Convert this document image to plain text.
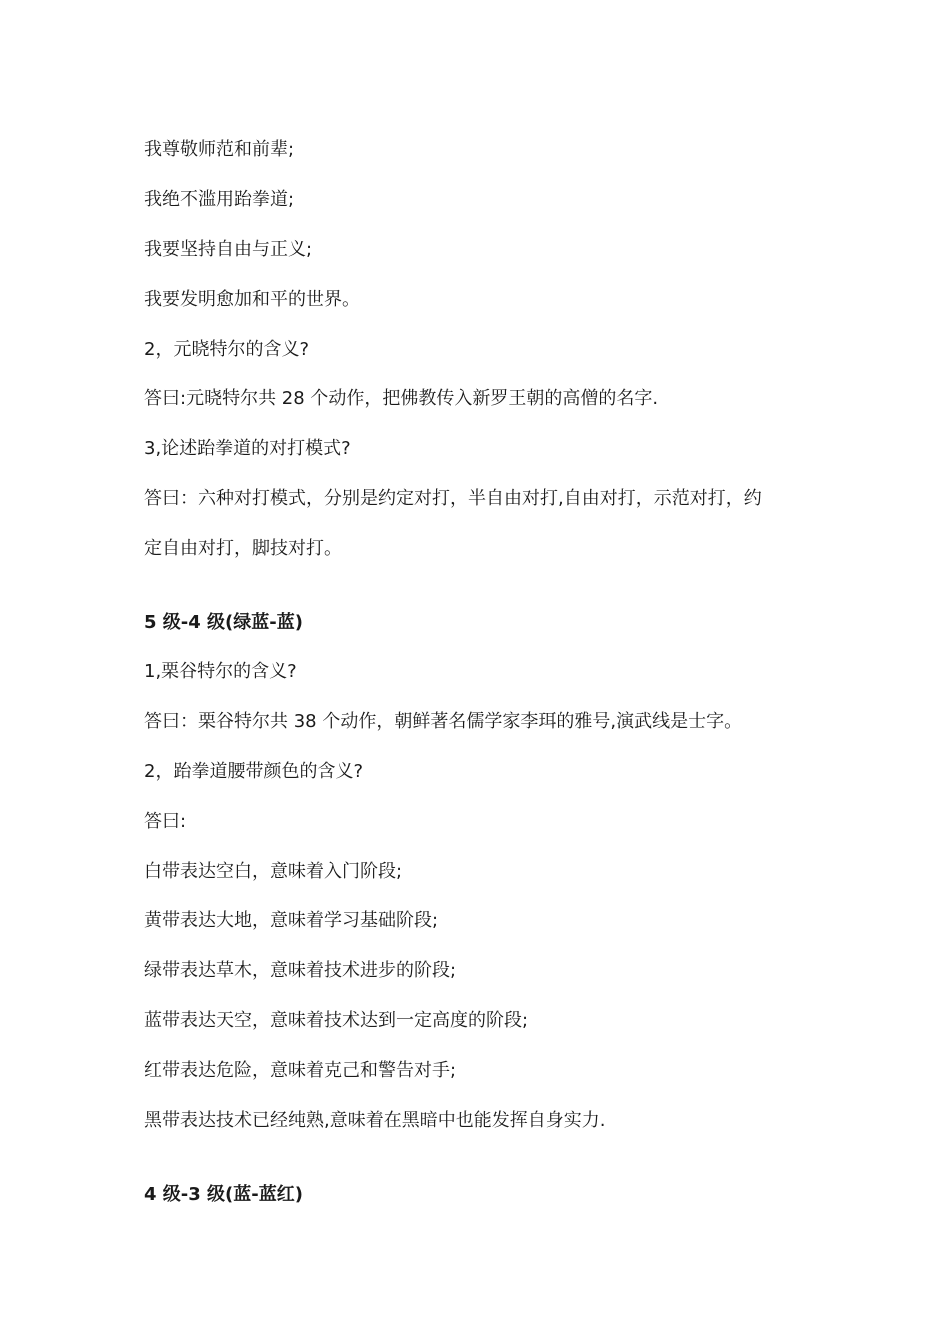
我尊敬师范和前辈;

我绝不滥用跆拳道;

我要坚持自由与正义;

我要发明愈加和平的世界。

2，元晓特尔的含义?

答曰:元晓特尔共 28 个动作，把佛教传入新罗王朝的高僧的名字.

3,论述跆拳道的对打模式?

答曰：六种对打模式，分别是约定对打，半自由对打,自由对打，示范对打，约

定自由对打，脚技对打。

5 级-4 级(绿蓝-蓝)

1,栗谷特尔的含义?

答曰：栗谷特尔共 38 个动作，朝鲜著名儒学家李珥的雅号,演武线是士字。

2，跆拳道腰带颜色的含义?

答曰:

白带表达空白，意味着入门阶段;

黄带表达大地，意味着学习基础阶段;

绿带表达草木，意味着技术进步的阶段;

蓝带表达天空，意味着技术达到一定高度的阶段;

红带表达危险，意味着克己和警告对手;

黑带表达技术已经纯熟,意味着在黑暗中也能发挥自身实力.

4 级-3 级(蓝-蓝红)
